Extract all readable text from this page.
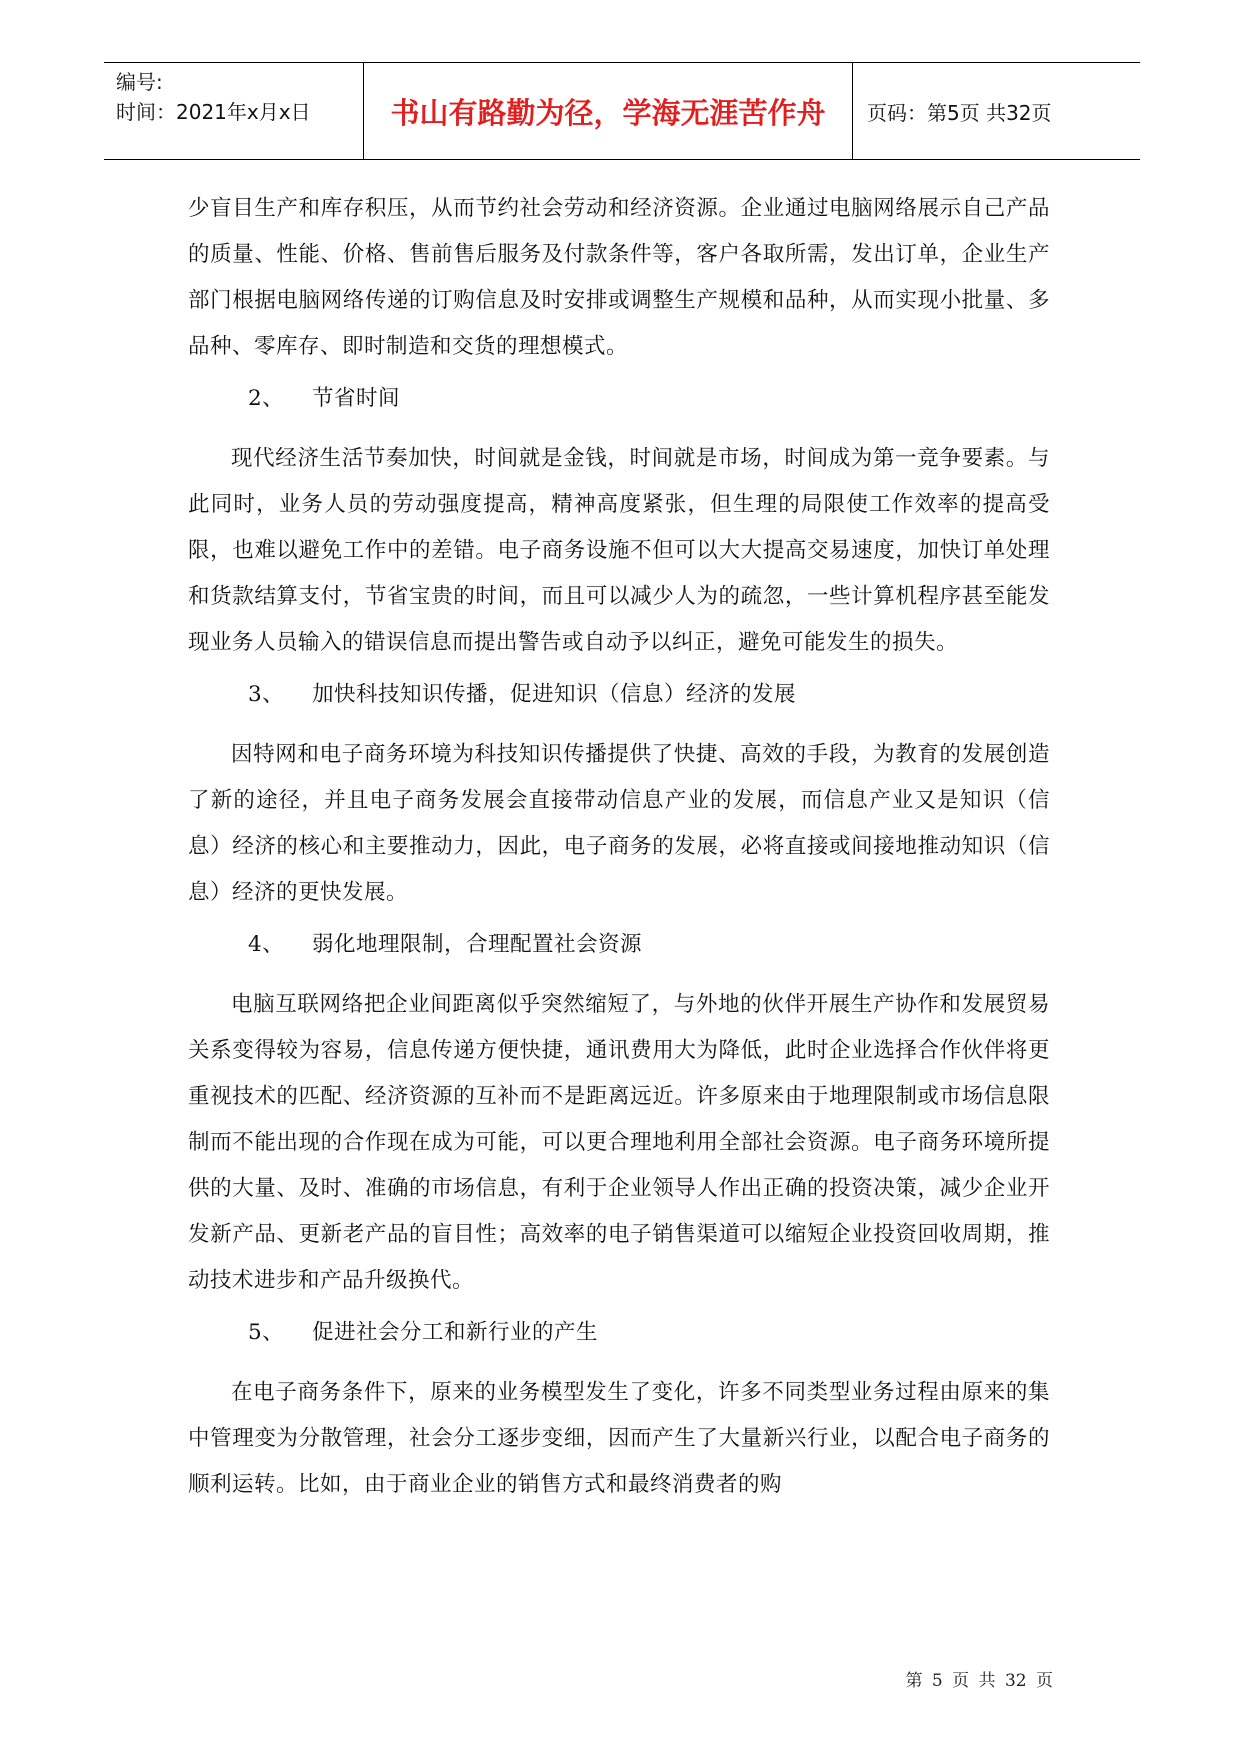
编号:
时间：2021年x月x日	书山有路勤为径，学海无涯苦作舟	页码：第5页 共32页

少盲目生产和库存积压，从而节约社会劳动和经济资源。企业通过电脑网络展示自己产品的质量、性能、价格、售前售后服务及付款条件等，客户各取所需，发出订单，企业生产部门根据电脑网络传递的订购信息及时安排或调整生产规模和品种，从而实现小批量、多品种、零库存、即时制造和交货的理想模式。

2、	节省时间

现代经济生活节奏加快，时间就是金钱，时间就是市场，时间成为第一竞争要素。与此同时，业务人员的劳动强度提高，精神高度紧张，但生理的局限使工作效率的提高受限，也难以避免工作中的差错。电子商务设施不但可以大大提高交易速度，加快订单处理和货款结算支付，节省宝贵的时间，而且可以减少人为的疏忽，一些计算机程序甚至能发现业务人员输入的错误信息而提出警告或自动予以纠正，避免可能发生的损失。

3、	加快科技知识传播，促进知识（信息）经济的发展

因特网和电子商务环境为科技知识传播提供了快捷、高效的手段，为教育的发展创造了新的途径，并且电子商务发展会直接带动信息产业的发展，而信息产业又是知识（信息）经济的核心和主要推动力，因此，电子商务的发展，必将直接或间接地推动知识（信息）经济的更快发展。

4、	弱化地理限制，合理配置社会资源

电脑互联网络把企业间距离似乎突然缩短了，与外地的伙伴开展生产协作和发展贸易关系变得较为容易，信息传递方便快捷，通讯费用大为降低，此时企业选择合作伙伴将更重视技术的匹配、经济资源的互补而不是距离远近。许多原来由于地理限制或市场信息限制而不能出现的合作现在成为可能，可以更合理地利用全部社会资源。电子商务环境所提供的大量、及时、准确的市场信息，有利于企业领导人作出正确的投资决策，减少企业开发新产品、更新老产品的盲目性；高效率的电子销售渠道可以缩短企业投资回收周期，推动技术进步和产品升级换代。

5、	促进社会分工和新行业的产生

在电子商务条件下，原来的业务模型发生了变化，许多不同类型业务过程由原来的集中管理变为分散管理，社会分工逐步变细，因而产生了大量新兴行业，以配合电子商务的顺利运转。比如，由于商业企业的销售方式和最终消费者的购

第 5 页 共 32 页
